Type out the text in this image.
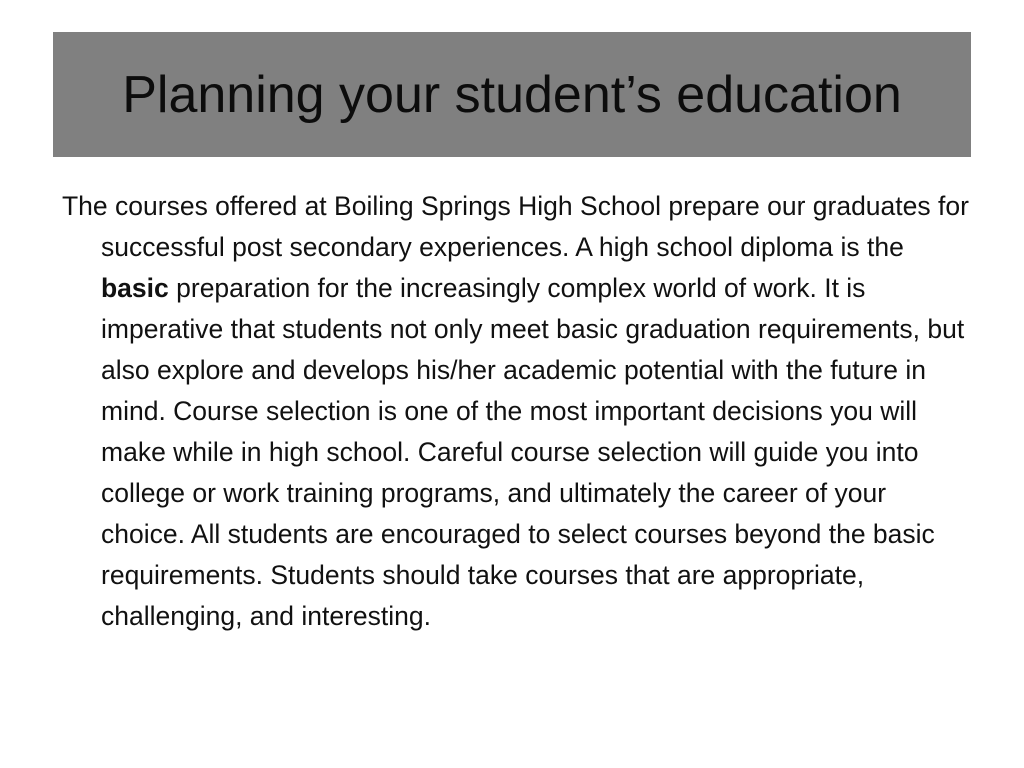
Planning your student’s education

The courses offered at Boiling Springs High School prepare our graduates for successful post secondary experiences. A high school diploma is the basic preparation for the increasingly complex world of work. It is imperative that students not only meet basic graduation requirements, but also explore and develops his/her academic potential with the future in mind. Course selection is one of the most important decisions you will make while in high school. Careful course selection will guide you into college or work training programs, and ultimately the career of your choice. All students are encouraged to select courses beyond the basic requirements. Students should take courses that are appropriate, challenging, and interesting.
